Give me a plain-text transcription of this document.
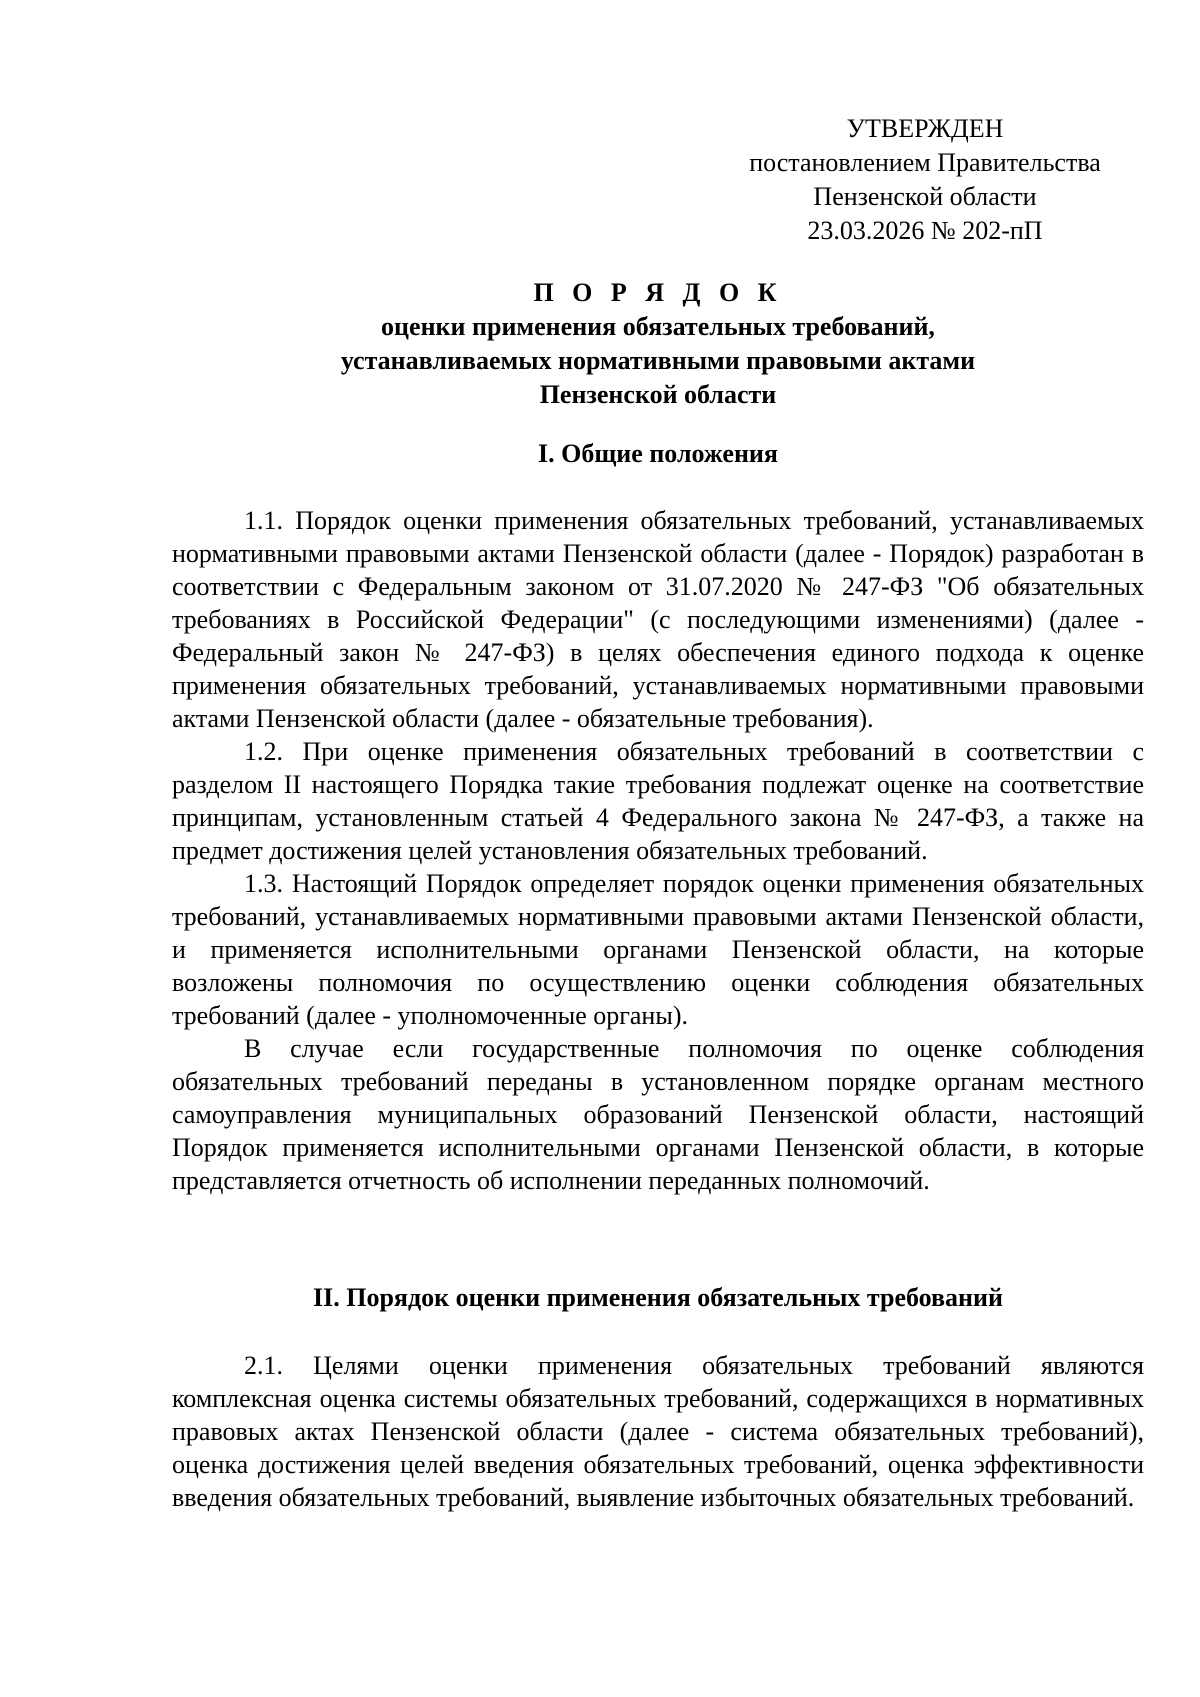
УТВЕРЖДЕН
постановлением Правительства
Пензенской области
23.03.2026 № 202-пП
П О Р Я Д О К
оценки применения обязательных требований,
устанавливаемых нормативными правовыми актами
Пензенской области
I. Общие положения

1.1. Порядок оценки применения обязательных требований, устанавливаемых нормативными правовыми актами Пензенской области (далее - Порядок) разработан в соответствии с Федеральным законом от 31.07.2020 № 247-ФЗ "Об обязательных требованиях в Российской Федерации" (с последующими изменениями) (далее - Федеральный закон № 247-ФЗ) в целях обеспечения единого подхода к оценке применения обязательных требований, устанавливаемых нормативными правовыми актами Пензенской области (далее - обязательные требования).

1.2. При оценке применения обязательных требований в соответствии с разделом II настоящего Порядка такие требования подлежат оценке на соответствие принципам, установленным статьей 4 Федерального закона № 247-ФЗ, а также на предмет достижения целей установления обязательных требований.

1.3. Настоящий Порядок определяет порядок оценки применения обязательных требований, устанавливаемых нормативными правовыми актами Пензенской области, и применяется исполнительными органами Пензенской области, на которые возложены полномочия по осуществлению оценки соблюдения обязательных требований (далее - уполномоченные органы).

В случае если государственные полномочия по оценке соблюдения обязательных требований переданы в установленном порядке органам местного самоуправления муниципальных образований Пензенской области, настоящий Порядок применяется исполнительными органами Пензенской области, в которые представляется отчетность об исполнении переданных полномочий.

II. Порядок оценки применения обязательных требований

2.1. Целями оценки применения обязательных требований являются комплексная оценка системы обязательных требований, содержащихся в нормативных правовых актах Пензенской области (далее - система обязательных требований), оценка достижения целей введения обязательных требований, оценка эффективности введения обязательных требований, выявление избыточных обязательных требований.
